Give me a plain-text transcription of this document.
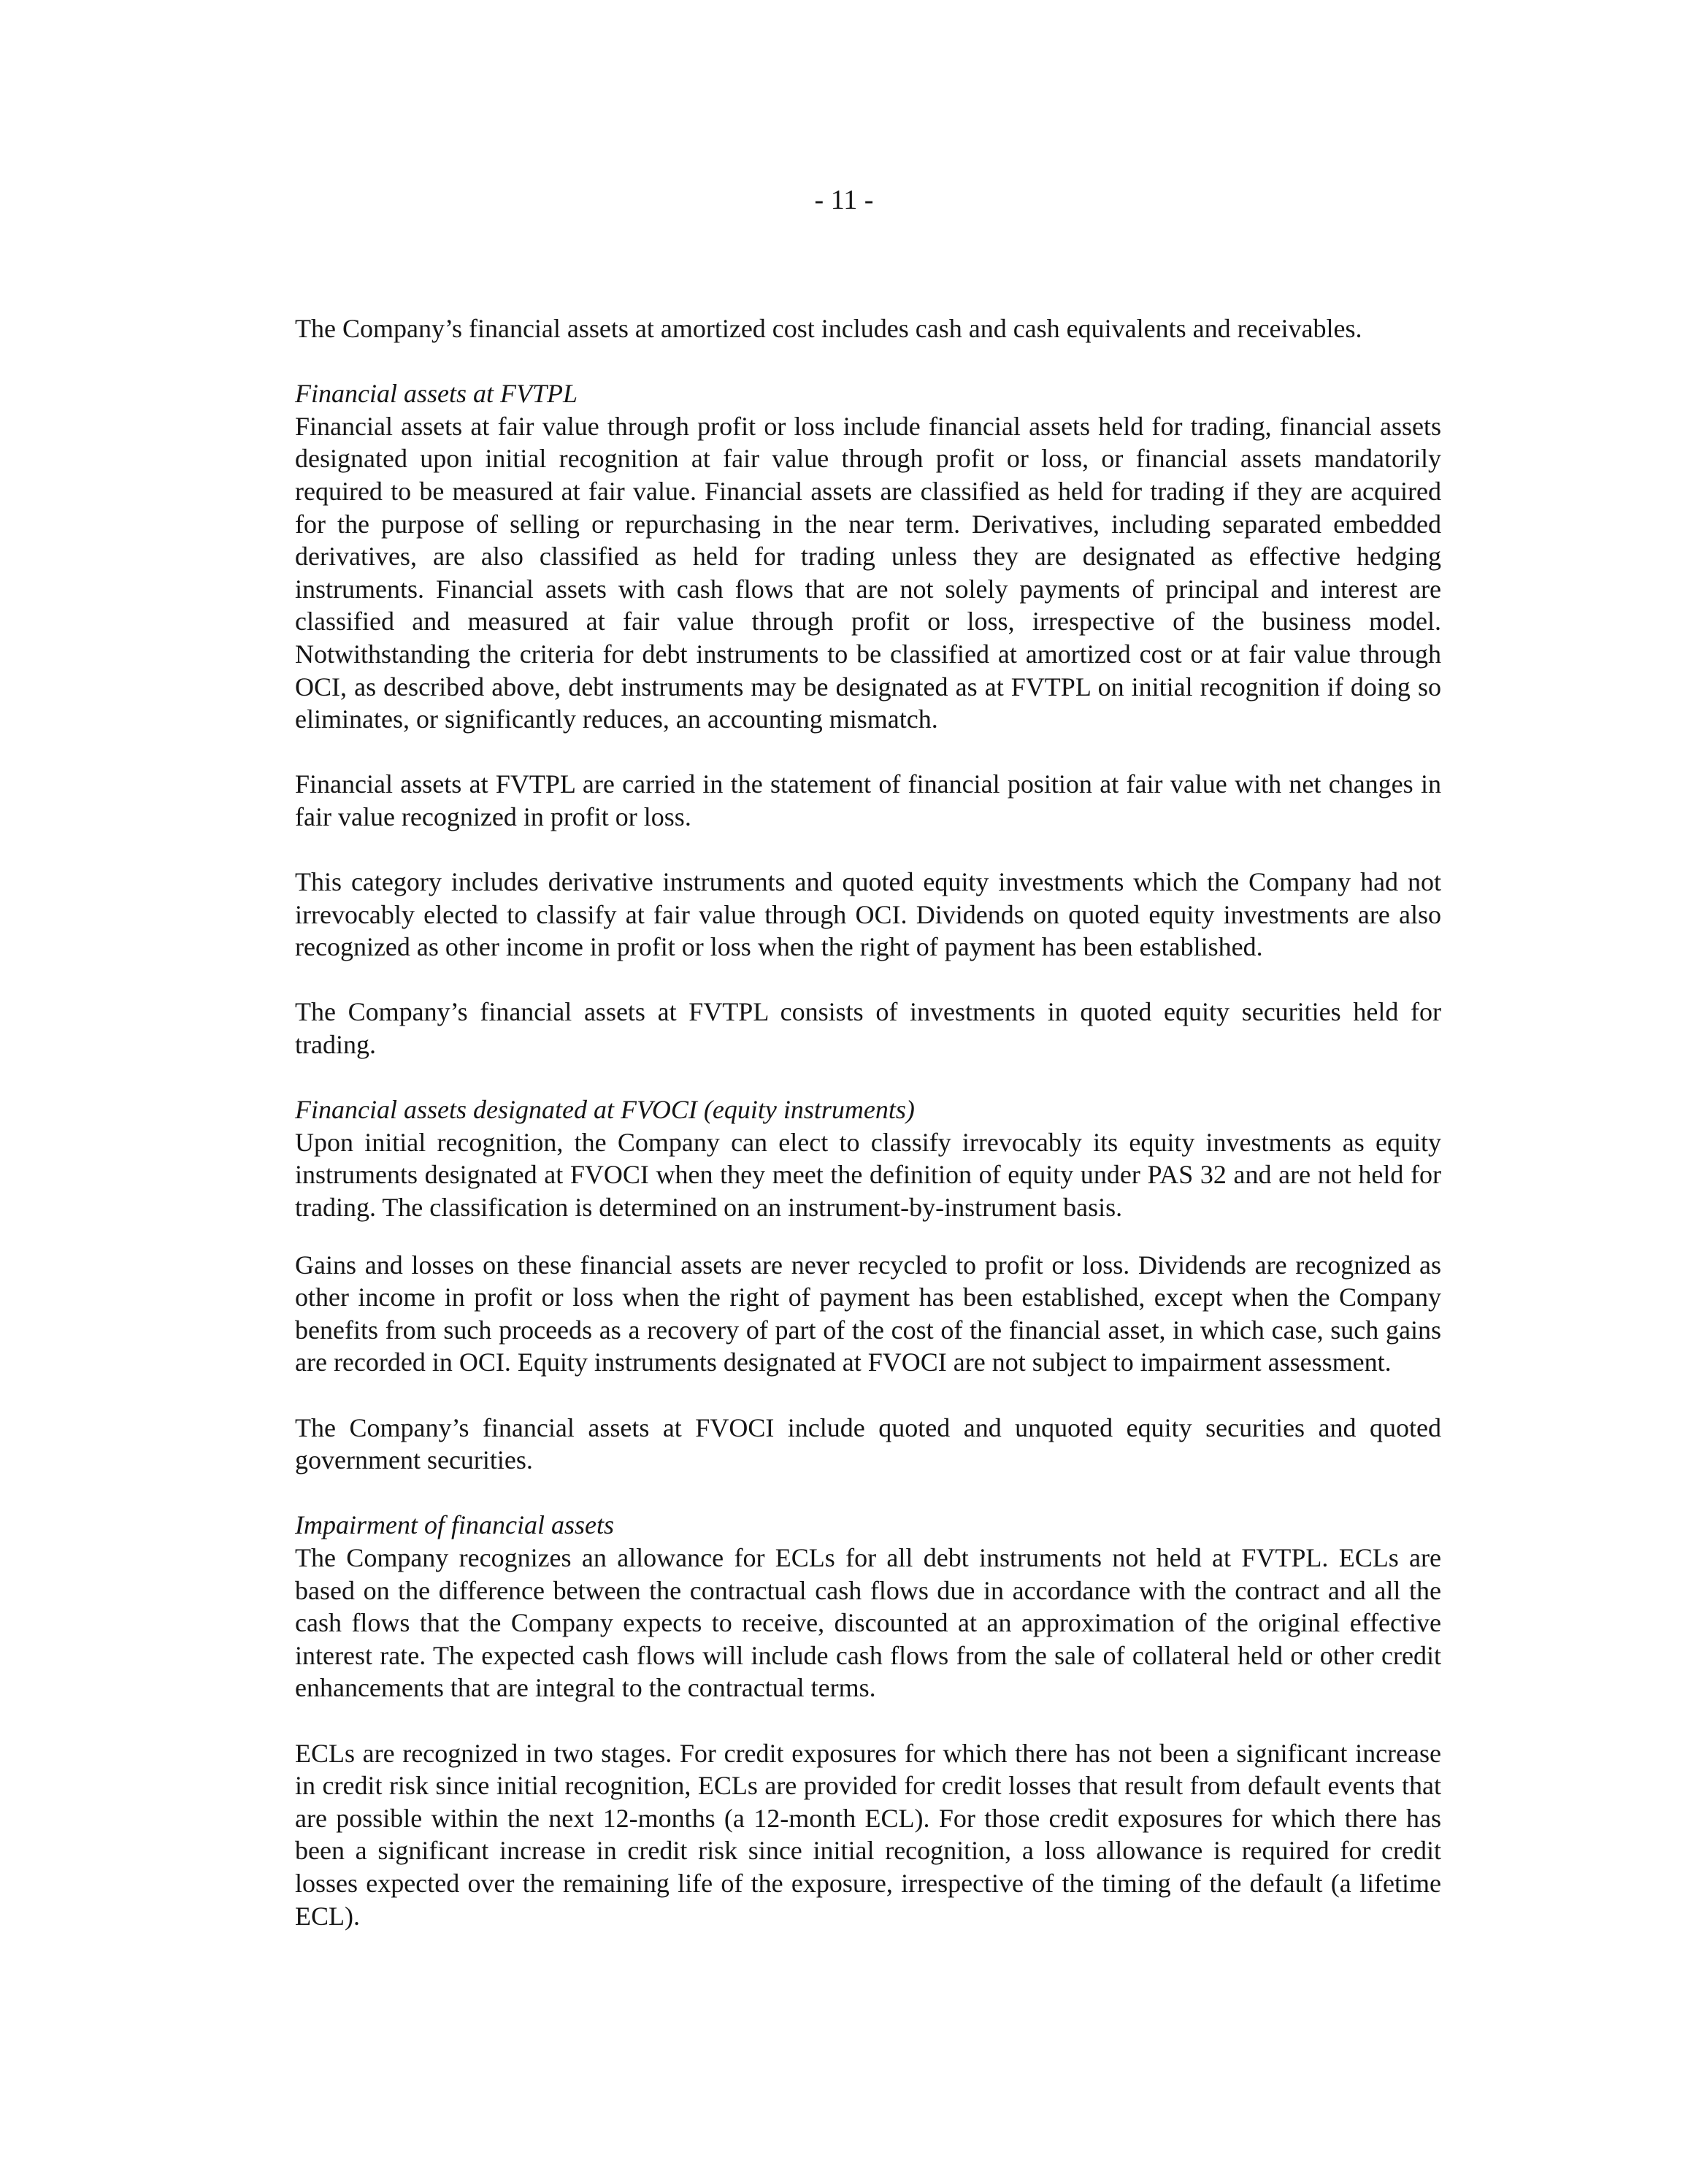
- 11 -

The Company’s financial assets at amortized cost includes cash and cash equivalents and receivables.

Financial assets at FVTPL

Financial assets at fair value through profit or loss include financial assets held for trading, financial assets designated upon initial recognition at fair value through profit or loss, or financial assets mandatorily required to be measured at fair value. Financial assets are classified as held for trading if they are acquired for the purpose of selling or repurchasing in the near term. Derivatives, including separated embedded derivatives, are also classified as held for trading unless they are designated as effective hedging instruments. Financial assets with cash flows that are not solely payments of principal and interest are classified and measured at fair value through profit or loss, irrespective of the business model. Notwithstanding the criteria for debt instruments to be classified at amortized cost or at fair value through OCI, as described above, debt instruments may be designated as at FVTPL on initial recognition if doing so eliminates, or significantly reduces, an accounting mismatch.

Financial assets at FVTPL are carried in the statement of financial position at fair value with net changes in fair value recognized in profit or loss.

This category includes derivative instruments and quoted equity investments which the Company had not irrevocably elected to classify at fair value through OCI. Dividends on quoted equity investments are also recognized as other income in profit or loss when the right of payment has been established.

The Company’s financial assets at FVTPL consists of investments in quoted equity securities held for trading.

Financial assets designated at FVOCI (equity instruments)

Upon initial recognition, the Company can elect to classify irrevocably its equity investments as equity instruments designated at FVOCI when they meet the definition of equity under PAS 32 and are not held for trading. The classification is determined on an instrument-by-instrument basis.

Gains and losses on these financial assets are never recycled to profit or loss. Dividends are recognized as other income in profit or loss when the right of payment has been established, except when the Company benefits from such proceeds as a recovery of part of the cost of the financial asset, in which case, such gains are recorded in OCI. Equity instruments designated at FVOCI are not subject to impairment assessment.

The Company’s financial assets at FVOCI include quoted and unquoted equity securities and quoted government securities.

Impairment of financial assets

The Company recognizes an allowance for ECLs for all debt instruments not held at FVTPL. ECLs are based on the difference between the contractual cash flows due in accordance with the contract and all the cash flows that the Company expects to receive, discounted at an approximation of the original effective interest rate. The expected cash flows will include cash flows from the sale of collateral held or other credit enhancements that are integral to the contractual terms.

ECLs are recognized in two stages. For credit exposures for which there has not been a significant increase in credit risk since initial recognition, ECLs are provided for credit losses that result from default events that are possible within the next 12-months (a 12-month ECL). For those credit exposures for which there has been a significant increase in credit risk since initial recognition, a loss allowance is required for credit losses expected over the remaining life of the exposure, irrespective of the timing of the default (a lifetime ECL).
